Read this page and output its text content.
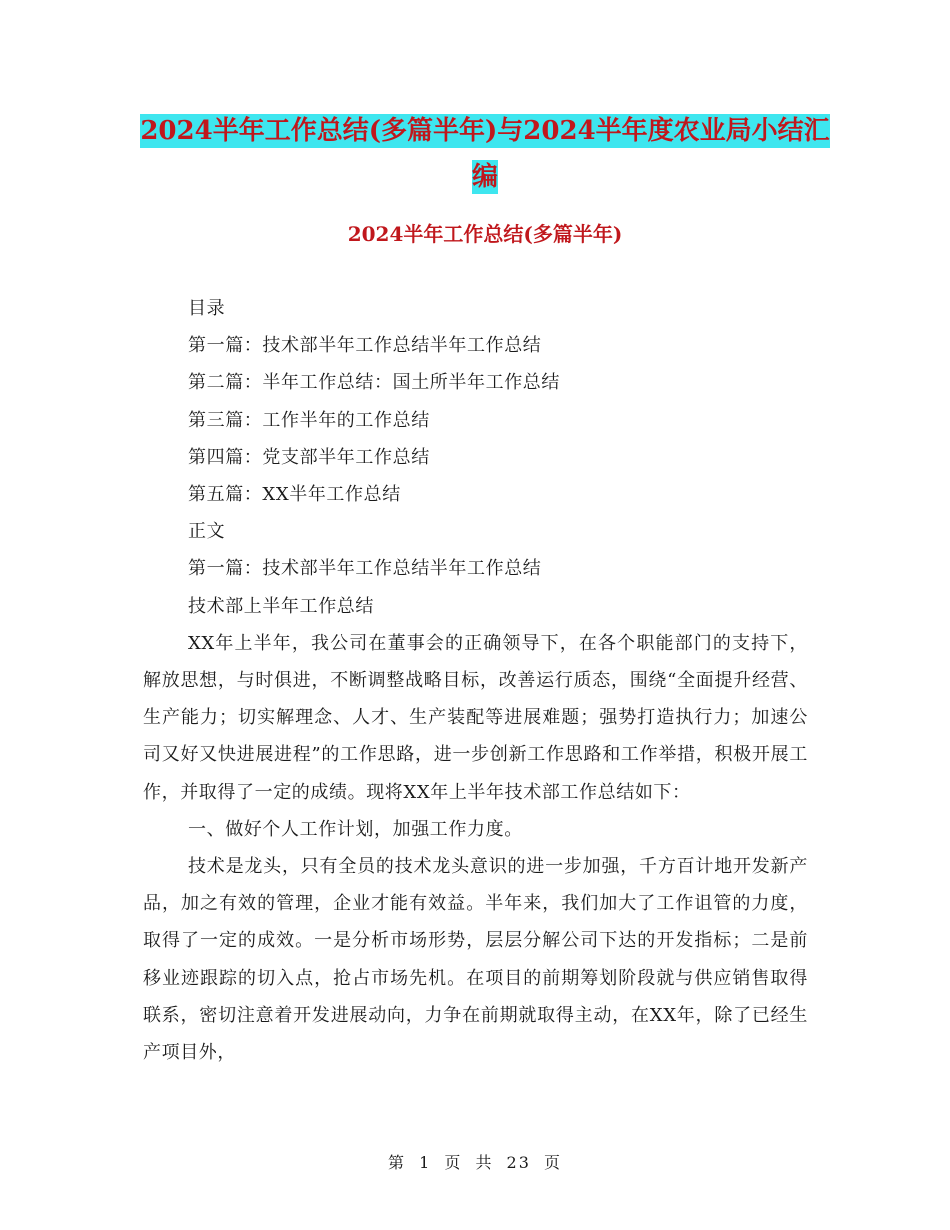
2024半年工作总结(多篇半年)与2024半年度农业局小结汇编
2024半年工作总结(多篇半年)

目录

第一篇：技术部半年工作总结半年工作总结

第二篇：半年工作总结：国土所半年工作总结

第三篇：工作半年的工作总结

第四篇：党支部半年工作总结

第五篇：XX半年工作总结

正文

第一篇：技术部半年工作总结半年工作总结

技术部上半年工作总结

XX年上半年，我公司在董事会的正确领导下，在各个职能部门的支持下，解放思想，与时俱进，不断调整战略目标，改善运行质态，围绕“全面提升经营、生产能力；切实解理念、人才、生产装配等进展难题；强势打造执行力；加速公司又好又快进展进程”的工作思路，进一步创新工作思路和工作举措，积极开展工作，并取得了一定的成绩。现将XX年上半年技术部工作总结如下：

一、做好个人工作计划，加强工作力度。

技术是龙头，只有全员的技术龙头意识的进一步加强，千方百计地开发新产品，加之有效的管理，企业才能有效益。半年来，我们加大了工作诅管的力度，取得了一定的成效。一是分析市场形势，层层分解公司下达的开发指标；二是前移业迹跟踪的切入点，抢占市场先机。在项目的前期筹划阶段就与供应销售取得联系，密切注意着开发进展动向，力争在前期就取得主动，在XX年，除了已经生产项目外，

第 1 页 共 23 页
